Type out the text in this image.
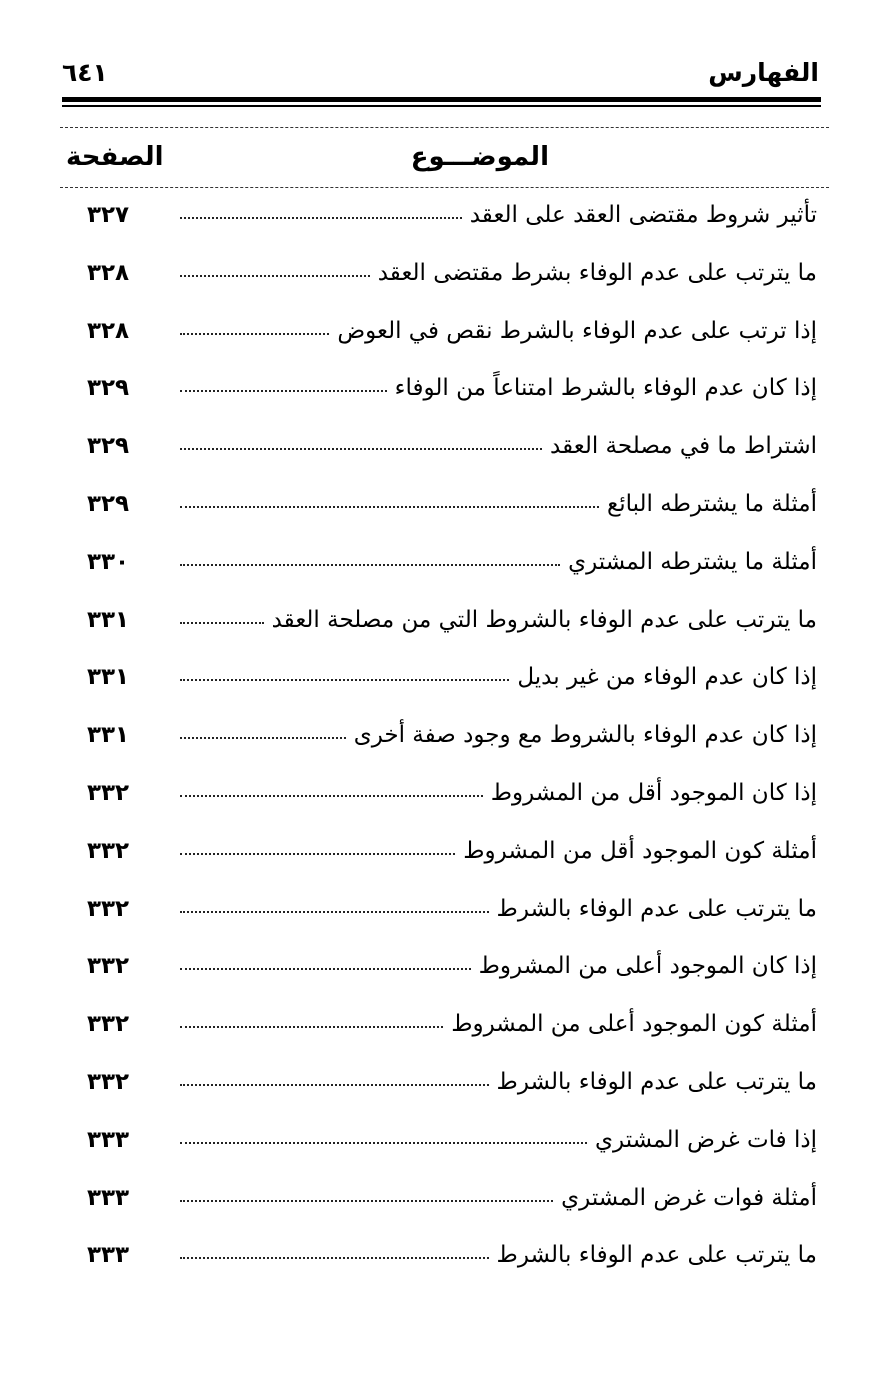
الفهارس
٦٤١
الموضـــوع
الصفحة
تأثير شروط مقتضى العقد على العقد
٣٢٧
ما يترتب على عدم الوفاء بشرط مقتضى العقد
٣٢٨
إذا ترتب على عدم الوفاء بالشرط نقص في العوض
٣٢٨
إذا كان عدم الوفاء بالشرط امتناعاً من الوفاء
٣٢٩
اشتراط ما في مصلحة العقد
٣٢٩
أمثلة ما يشترطه البائع
٣٢٩
أمثلة ما يشترطه المشتري
٣٣٠
ما يترتب على عدم الوفاء بالشروط التي من مصلحة العقد
٣٣١
إذا كان عدم الوفاء من غير بديل
٣٣١
إذا كان عدم الوفاء بالشروط مع وجود صفة أخرى
٣٣١
إذا كان الموجود أقل من المشروط
٣٣٢
أمثلة كون الموجود أقل من المشروط
٣٣٢
ما يترتب على عدم الوفاء بالشرط
٣٣٢
إذا كان الموجود أعلى من المشروط
٣٣٢
أمثلة كون الموجود أعلى من المشروط
٣٣٢
ما يترتب على عدم الوفاء بالشرط
٣٣٢
إذا فات غرض المشتري
٣٣٣
أمثلة فوات غرض المشتري
٣٣٣
ما يترتب على عدم الوفاء بالشرط
٣٣٣
